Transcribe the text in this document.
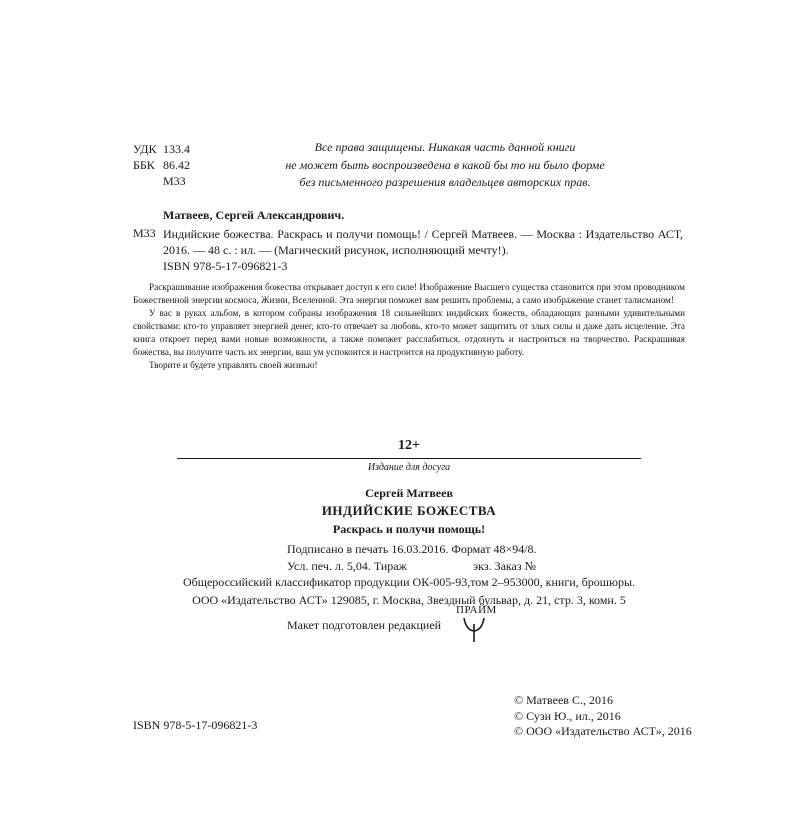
УДК 133.4
ББК 86.42
М33
Все права защищены. Никакая часть данной книги
не может быть воспроизведена в какой бы то ни было форме
без письменного разрешения владельцев авторских прав.
Матвеев, Сергей Александрович.
М33 Индийские божества. Раскрась и получи помощь! / Сергей Матвеев. — Москва : Издательство АСТ, 2016. — 48 с. : ил. — (Магический рисунок, исполняющий мечту!).
ISBN 978-5-17-096821-3

Раскрашивание изображения божества открывает доступ к его силе! Изображение Высшего существа становится при этом проводником Божественной энергии космоса, Жизни, Вселенной. Эта энергия поможет вам решить проблемы, а само изображение станет талисманом!

У вас в руках альбом, в котором собраны изображения 18 сильнейших индийских божеств, обладающих разными удивительными свойствами: кто-то управляет энергией денег, кто-то отвечает за любовь, кто-то может защитить от злых силы и даже дать исцеление. Эта книга откроет перед вами новые возможности, а также поможет расслабиться, отдохнуть и настроиться на творчество. Раскрашивая божества, вы получите часть их энергии, ваш ум успокоится и настроится на продуктивную работу.

Творите и будете управлять своей жизнью!

12+
Издание для досуга
Сергей Матвеев
ИНДИЙСКИЕ БОЖЕСТВА
Раскрась и получи помощь!
Подписано в печать 16.03.2016. Формат 48×94/8.
Усл. печ. л. 5,04. Тираж	экз. Заказ №
Общероссийский классификатор продукции ОК-005-93,том 2–953000, книги, брошюры.
ООО «Издательство АСТ» 129085, г. Москва, Звездный бульвар, д. 21, стр. 3, комн. 5
Макет подготовлен редакцией
ПРАЙМ
© Матвеев С., 2016
© Сузи Ю., ил., 2016
© ООО «Издательство АСТ», 2016
ISBN 978-5-17-096821-3
